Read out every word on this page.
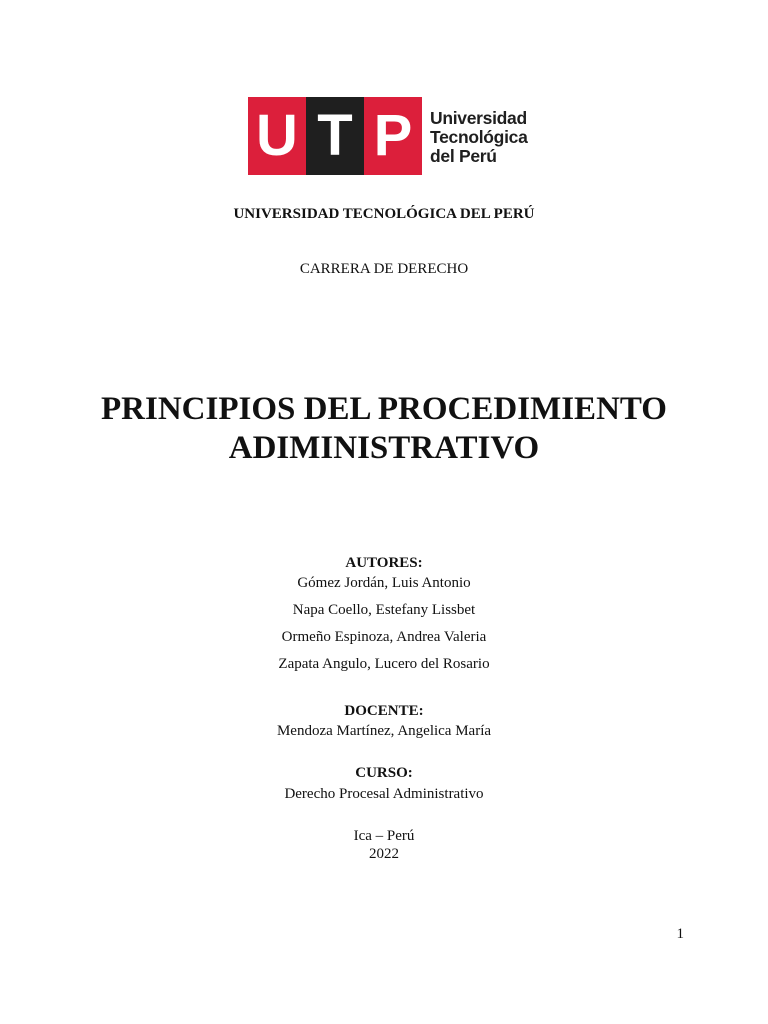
U T P	Universidad
Tecnológica
del Perú
UNIVERSIDAD TECNOLÓGICA DEL PERÚ
CARRERA DE DERECHO
PRINCIPIOS DEL PROCEDIMIENTO
ADIMINISTRATIVO
AUTORES:
Gómez Jordán, Luis Antonio
Napa Coello, Estefany Lissbet
Ormeño Espinoza, Andrea Valeria
Zapata Angulo, Lucero del Rosario
DOCENTE:
Mendoza Martínez, Angelica María
CURSO:
Derecho Procesal Administrativo
Ica – Perú
2022
1
